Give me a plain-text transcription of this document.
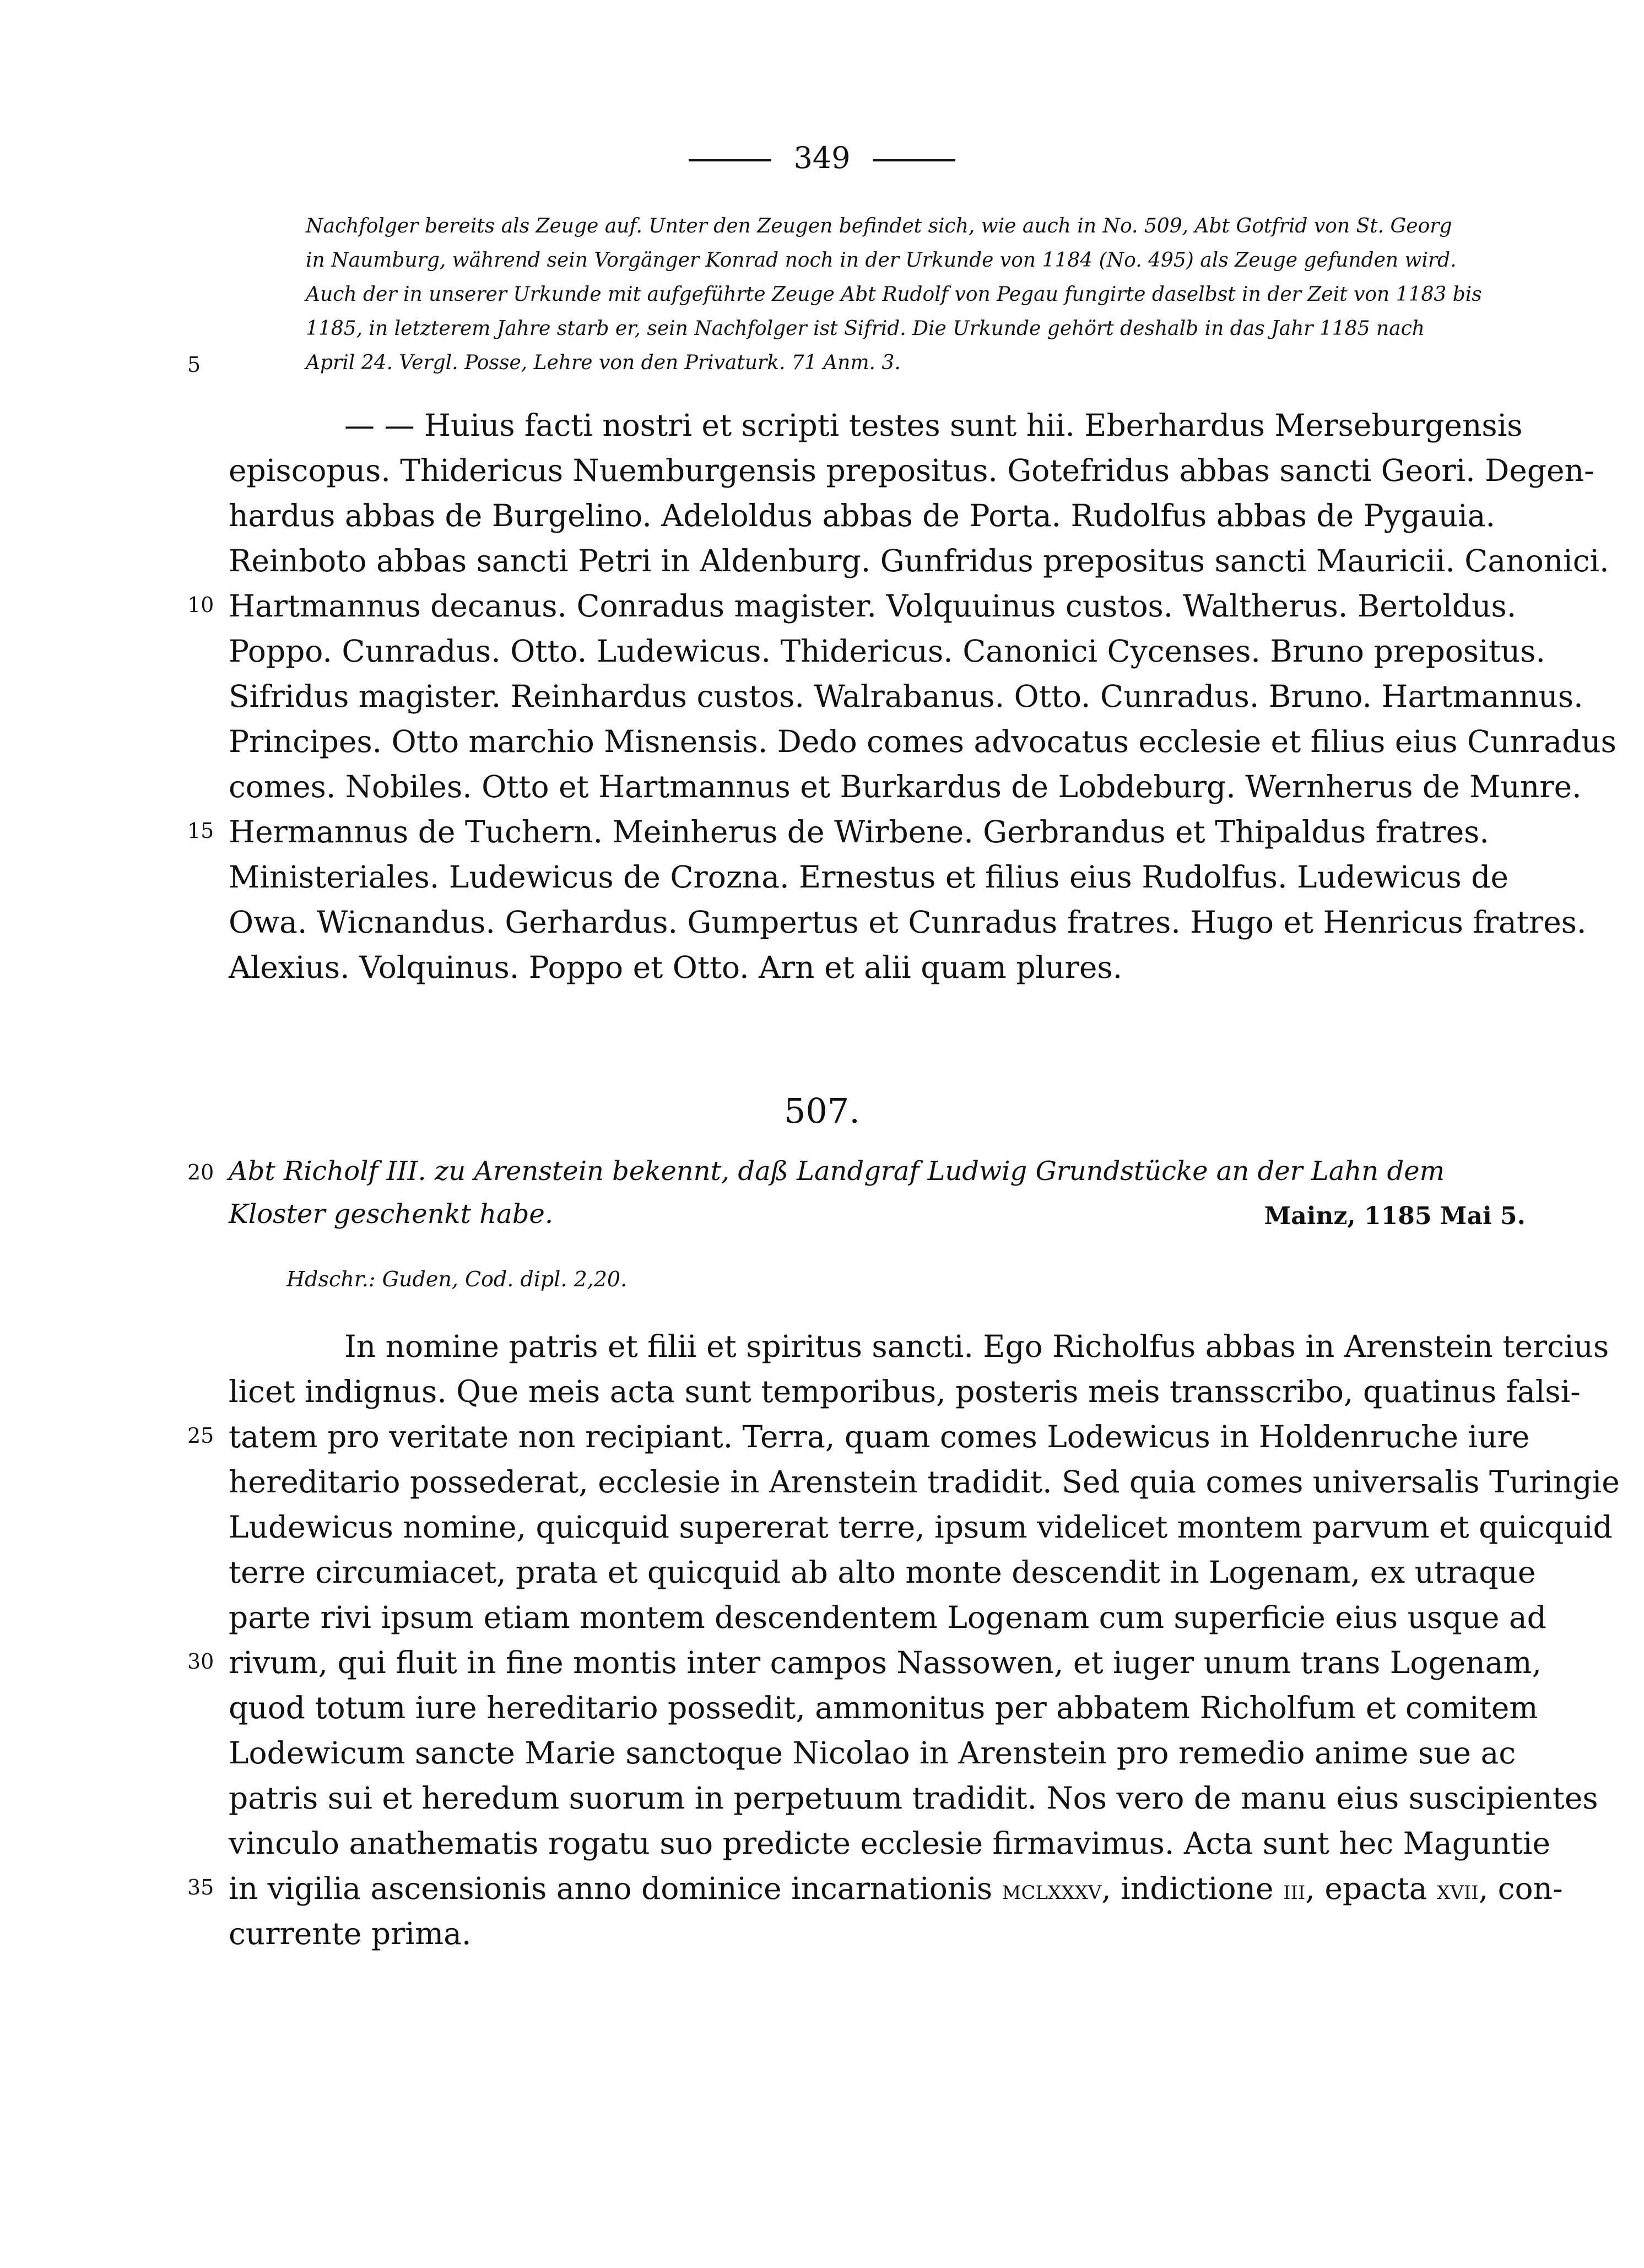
349
Nachfolger bereits als Zeuge auf. Unter den Zeugen befindet sich, wie auch in No. 509, Abt Gotfrid von St. Georg
in Naumburg, während sein Vorgänger Konrad noch in der Urkunde von 1184 (No. 495) als Zeuge gefunden wird.
Auch der in unserer Urkunde mit aufgeführte Zeuge Abt Rudolf von Pegau fungirte daselbst in der Zeit von 1183 bis
1185, in letzterem Jahre starb er, sein Nachfolger ist Sifrid. Die Urkunde gehört deshalb in das Jahr 1185 nach
April 24. Vergl. Posse, Lehre von den Privaturk. 71 Anm. 3.
— — Huius facti nostri et scripti testes sunt hii. Eberhardus Merseburgensis
episcopus. Thidericus Nuemburgensis prepositus. Gotefridus abbas sancti Geori. Degen-
hardus abbas de Burgelino. Adeloldus abbas de Porta. Rudolfus abbas de Pygauia.
Reinboto abbas sancti Petri in Aldenburg. Gunfridus prepositus sancti Mauricii. Canonici.
Hartmannus decanus. Conradus magister. Volquuinus custos. Waltherus. Bertoldus.
Poppo. Cunradus. Otto. Ludewicus. Thidericus. Canonici Cycenses. Bruno prepositus.
Sifridus magister. Reinhardus custos. Walrabanus. Otto. Cunradus. Bruno. Hartmannus.
Principes. Otto marchio Misnensis. Dedo comes advocatus ecclesie et filius eius Cunradus
comes. Nobiles. Otto et Hartmannus et Burkardus de Lobdeburg. Wernherus de Munre.
Hermannus de Tuchern. Meinherus de Wirbene. Gerbrandus et Thipaldus fratres.
Ministeriales. Ludewicus de Crozna. Ernestus et filius eius Rudolfus. Ludewicus de
Owa. Wicnandus. Gerhardus. Gumpertus et Cunradus fratres. Hugo et Henricus fratres.
Alexius. Volquinus. Poppo et Otto. Arn et alii quam plures.
507.
Abt Richolf III. zu Arenstein bekennt, daß Landgraf Ludwig Grundstücke an der Lahn dem
Kloster geschenkt habe.	Mainz, 1185 Mai 5.
Hdschr.: Guden, Cod. dipl. 2,20.
In nomine patris et filii et spiritus sancti. Ego Richolfus abbas in Arenstein tercius
licet indignus. Que meis acta sunt temporibus, posteris meis transscribo, quatinus falsi-
tatem pro veritate non recipiant. Terra, quam comes Lodewicus in Holdenruche iure
hereditario possederat, ecclesie in Arenstein tradidit. Sed quia comes universalis Turingie
Ludewicus nomine, quicquid supererat terre, ipsum videlicet montem parvum et quicquid
terre circumiacet, prata et quicquid ab alto monte descendit in Logenam, ex utraque
parte rivi ipsum etiam montem descendentem Logenam cum superficie eius usque ad
rivum, qui fluit in fine montis inter campos Nassowen, et iuger unum trans Logenam,
quod totum iure hereditario possedit, ammonitus per abbatem Richolfum et comitem
Lodewicum sancte Marie sanctoque Nicolao in Arenstein pro remedio anime sue ac
patris sui et heredum suorum in perpetuum tradidit. Nos vero de manu eius suscipientes
vinculo anathematis rogatu suo predicte ecclesie firmavimus. Acta sunt hec Maguntie
in vigilia ascensionis anno dominice incarnationis mclxxxv, indictione iii, epacta xvii, con-
currente prima.
5
10
15
20
25
30
35
